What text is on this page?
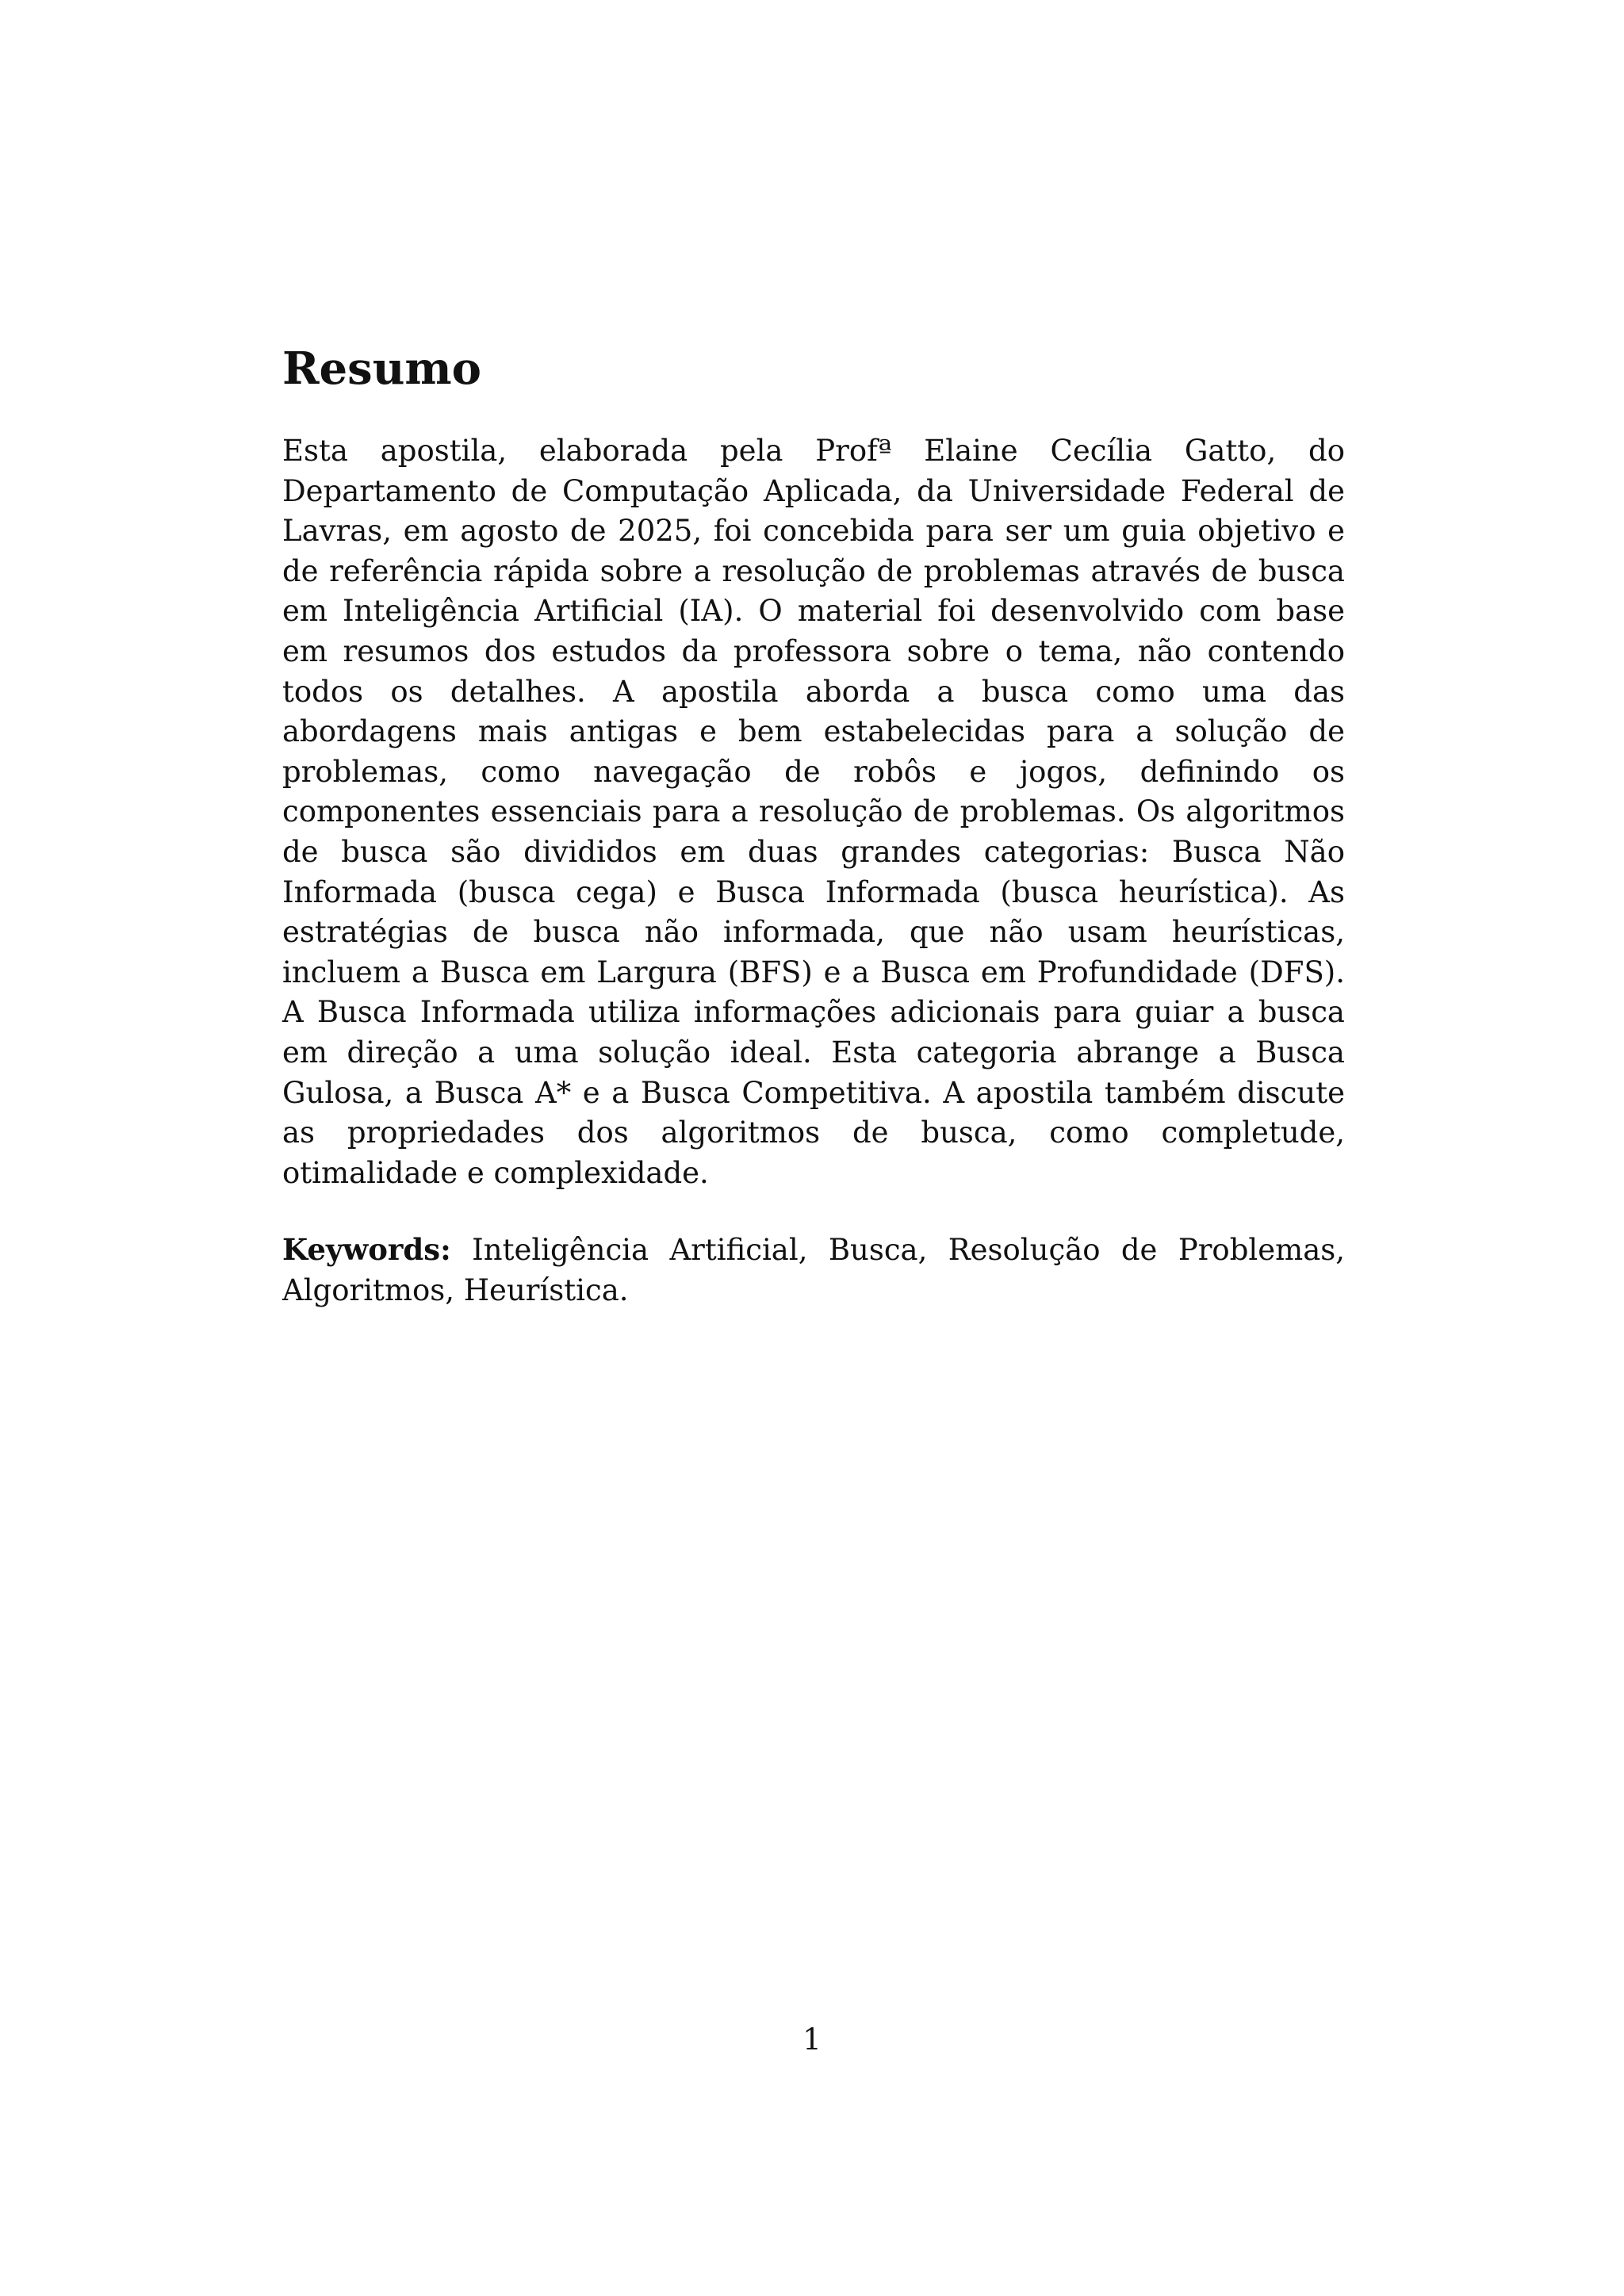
Resumo

Esta apostila, elaborada pela Profª Elaine Cecília Gatto, do Departamento de Computação Aplicada, da Universidade Federal de Lavras, em agosto de 2025, foi concebida para ser um guia objetivo e de referência rápida sobre a resolução de problemas através de busca em Inteligência Artificial (IA). O material foi desenvolvido com base em resumos dos estudos da professora sobre o tema, não contendo todos os detalhes. A apostila aborda a busca como uma das abordagens mais antigas e bem estabelecidas para a solução de problemas, como navegação de robôs e jogos, definindo os componentes essenciais para a resolução de problemas. Os algoritmos de busca são divididos em duas grandes categorias: Busca Não Informada (busca cega) e Busca Informada (busca heurística). As estratégias de busca não informada, que não usam heurísticas, incluem a Busca em Largura (BFS) e a Busca em Profundidade (DFS). A Busca Informada utiliza informações adicionais para guiar a busca em direção a uma solução ideal. Esta categoria abrange a Busca Gulosa, a Busca A* e a Busca Competitiva. A apostila também discute as propriedades dos algoritmos de busca, como completude, otimalidade e complexidade.

Keywords: Inteligência Artificial, Busca, Resolução de Problemas, Algoritmos, Heurística.

1
